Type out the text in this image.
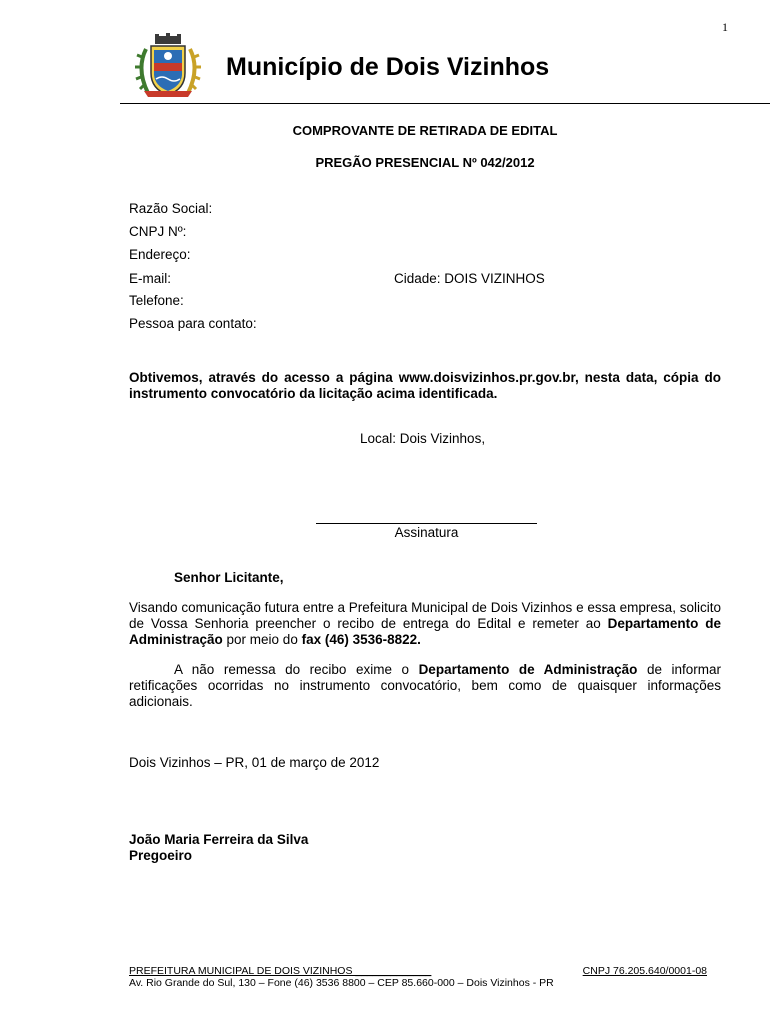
1
Município de Dois Vizinhos
COMPROVANTE DE RETIRADA DE EDITAL
PREGÃO PRESENCIAL Nº 042/2012
Razão Social:
CNPJ Nº:
Endereço:
E-mail:	Cidade: DOIS VIZINHOS
Telefone:
Pessoa para contato:
Obtivemos, através do acesso a página www.doisvizinhos.pr.gov.br, nesta data, cópia do instrumento convocatório da licitação acima identificada.
Local: Dois Vizinhos,
Assinatura
Senhor Licitante,
Visando comunicação futura entre a Prefeitura Municipal de Dois Vizinhos e essa empresa, solicito de Vossa Senhoria preencher o recibo de entrega do Edital e remeter ao Departamento de Administração por meio do fax (46) 3536-8822.
A não remessa do recibo exime o Departamento de Administração de informar retificações ocorridas no instrumento convocatório, bem como de quaisquer informações adicionais.
Dois Vizinhos – PR, 01 de março de 2012
João Maria Ferreira da Silva
Pregoeiro
PREFEITURA MUNICIPAL DE DOIS VIZINHOS _____________	CNPJ 76.205.640/0001-08
Av. Rio Grande do Sul, 130 – Fone (46) 3536 8800 – CEP 85.660-000 – Dois Vizinhos - PR
